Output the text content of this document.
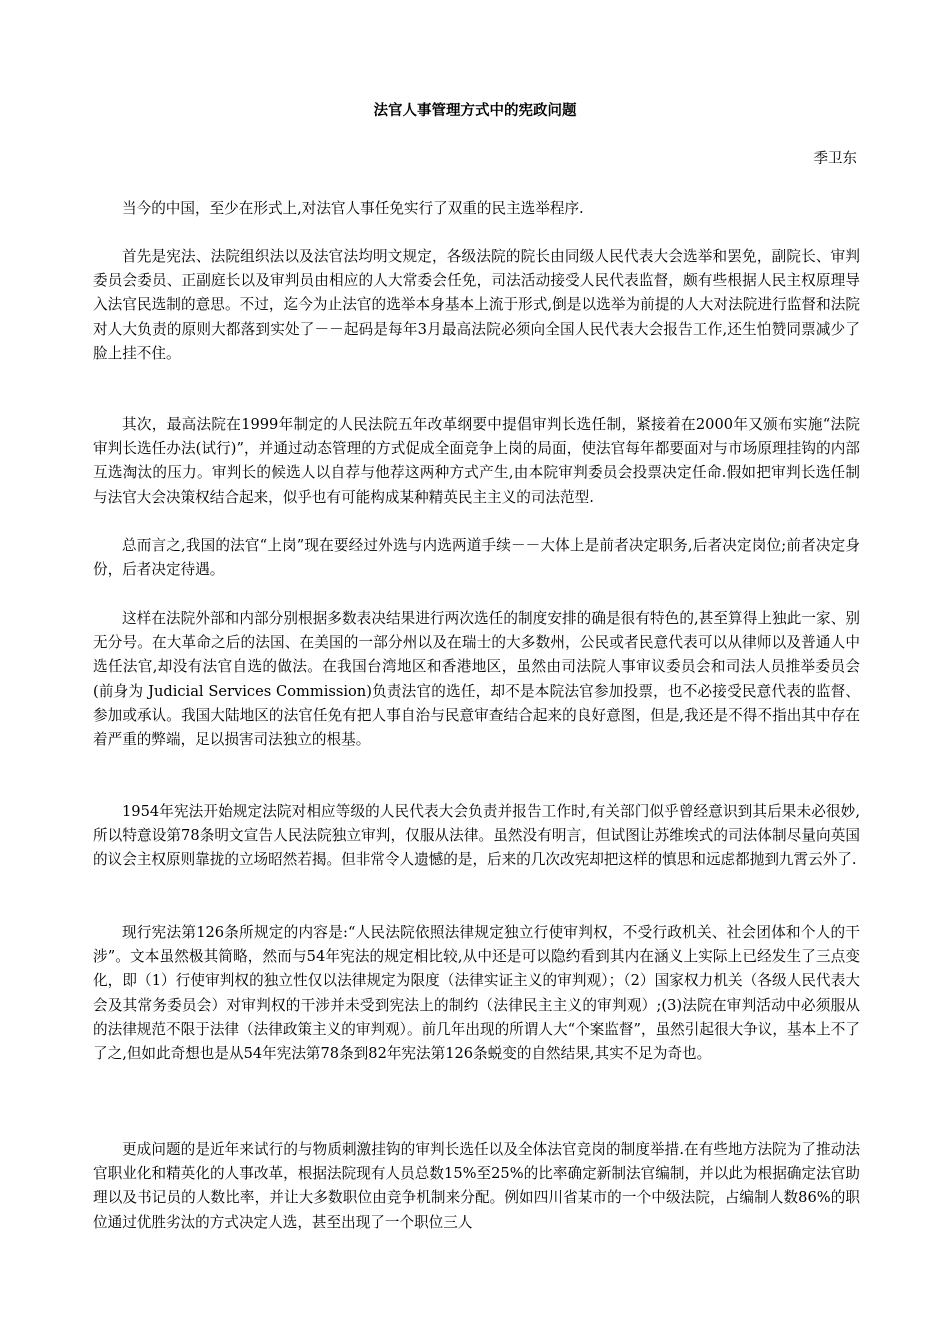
法官人事管理方式中的宪政问题
季卫东

当今的中国，至少在形式上,对法官人事任免实行了双重的民主选举程序.

首先是宪法、法院组织法以及法官法均明文规定，各级法院的院长由同级人民代表大会选举和罢免，副院长、审判委员会委员、正副庭长以及审判员由相应的人大常委会任免，司法活动接受人民代表监督，颇有些根据人民主权原理导入法官民选制的意思。不过，迄今为止法官的选举本身基本上流于形式,倒是以选举为前提的人大对法院进行监督和法院对人大负责的原则大都落到实处了－－起码是每年3月最高法院必须向全国人民代表大会报告工作,还生怕赞同票减少了脸上挂不住。

其次，最高法院在1999年制定的人民法院五年改革纲要中提倡审判长选任制，紧接着在2000年又颁布实施“法院审判长选任办法(试行)”，并通过动态管理的方式促成全面竞争上岗的局面，使法官每年都要面对与市场原理挂钩的内部互选淘汰的压力。审判长的候选人以自荐与他荐这两种方式产生,由本院审判委员会投票决定任命.假如把审判长选任制与法官大会决策权结合起来，似乎也有可能构成某种精英民主主义的司法范型.

总而言之,我国的法官“上岗”现在要经过外选与内选两道手续－－大体上是前者决定职务,后者决定岗位;前者决定身份，后者决定待遇。

这样在法院外部和内部分别根据多数表决结果进行两次选任的制度安排的确是很有特色的,甚至算得上独此一家、别无分号。在大革命之后的法国、在美国的一部分州以及在瑞士的大多数州，公民或者民意代表可以从律师以及普通人中选任法官,却没有法官自选的做法。在我国台湾地区和香港地区，虽然由司法院人事审议委员会和司法人员推举委员会(前身为 Judicial Services Commission)负责法官的选任，却不是本院法官参加投票，也不必接受民意代表的监督、参加或承认。我国大陆地区的法官任免有把人事自治与民意审查结合起来的良好意图，但是,我还是不得不指出其中存在着严重的弊端，足以损害司法独立的根基。

1954年宪法开始规定法院对相应等级的人民代表大会负责并报告工作时,有关部门似乎曾经意识到其后果未必很妙,所以特意设第78条明文宣告人民法院独立审判，仅服从法律。虽然没有明言，但试图让苏维埃式的司法体制尽量向英国的议会主权原则靠拢的立场昭然若揭。但非常令人遗憾的是，后来的几次改宪却把这样的慎思和远虑都抛到九霄云外了.

现行宪法第126条所规定的内容是:“人民法院依照法律规定独立行使审判权，不受行政机关、社会团体和个人的干涉”。文本虽然极其简略，然而与54年宪法的规定相比较,从中还是可以隐约看到其内在涵义上实际上已经发生了三点变化，即（1）行使审判权的独立性仅以法律规定为限度（法律实证主义的审判观）；（2）国家权力机关（各级人民代表大会及其常务委员会）对审判权的干涉并未受到宪法上的制约（法律民主主义的审判观）;(3)法院在审判活动中必须服从的法律规范不限于法律（法律政策主义的审判观）。前几年出现的所谓人大“个案监督”，虽然引起很大争议，基本上不了了之,但如此奇想也是从54年宪法第78条到82年宪法第126条蜕变的自然结果,其实不足为奇也。

更成问题的是近年来试行的与物质刺激挂钩的审判长选任以及全体法官竞岗的制度举措.在有些地方法院为了推动法官职业化和精英化的人事改革，根据法院现有人员总数15%至25%的比率确定新制法官编制，并以此为根据确定法官助理以及书记员的人数比率，并让大多数职位由竞争机制来分配。例如四川省某市的一个中级法院，占编制人数86%的职位通过优胜劣汰的方式决定人选，甚至出现了一个职位三人
